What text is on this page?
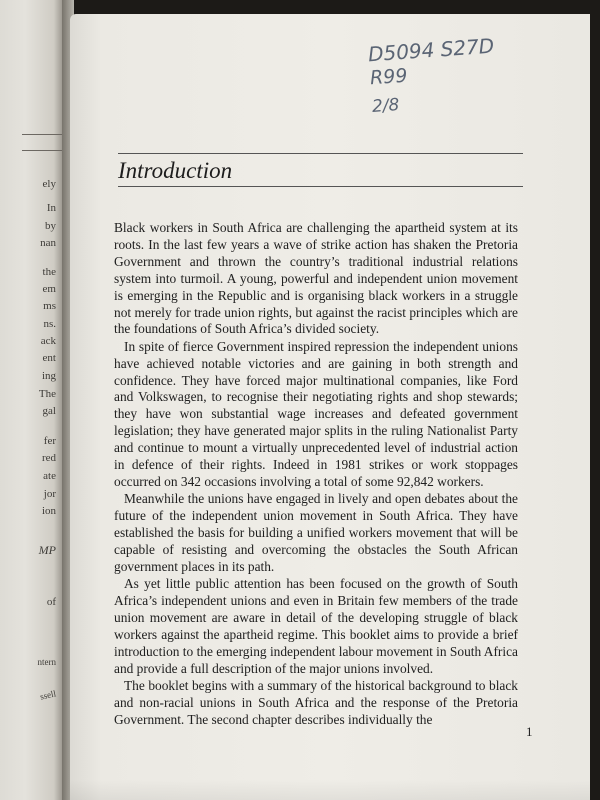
ely
In
by
nan
the
em
ms
ns.
ack
ent
ing
The
gal
fer
red
ate
jor
ion
MP
of
ntern
ssell
D5094 S27D
R99
2/8
Introduction

Black workers in South Africa are challenging the apartheid system at its roots. In the last few years a wave of strike action has shaken the Pretoria Government and thrown the country’s traditional industrial relations system into turmoil. A young, powerful and independent union movement is emerging in the Republic and is organising black workers in a struggle not merely for trade union rights, but against the racist principles which are the foundations of South Africa’s divided society.

In spite of fierce Government inspired repression the independent unions have achieved notable victories and are gaining in both strength and confidence. They have forced major multinational companies, like Ford and Volkswagen, to recognise their negotiating rights and shop stewards; they have won substantial wage increases and defeated government legislation; they have generated major splits in the ruling Nationalist Party and continue to mount a virtually unprecedented level of industrial action in defence of their rights. Indeed in 1981 strikes or work stoppages occurred on 342 occasions involving a total of some 92,842 workers.

Meanwhile the unions have engaged in lively and open debates about the future of the independent union movement in South Africa. They have established the basis for building a unified workers movement that will be capable of resisting and overcoming the obstacles the South African government places in its path.

As yet little public attention has been focused on the growth of South Africa’s independent unions and even in Britain few members of the trade union movement are aware in detail of the developing struggle of black workers against the apartheid regime. This booklet aims to provide a brief introduction to the emerging independent labour movement in South Africa and provide a full description of the major unions involved.

The booklet begins with a summary of the historical background to black and non-racial unions in South Africa and the response of the Pretoria Government. The second chapter describes individually the

1
